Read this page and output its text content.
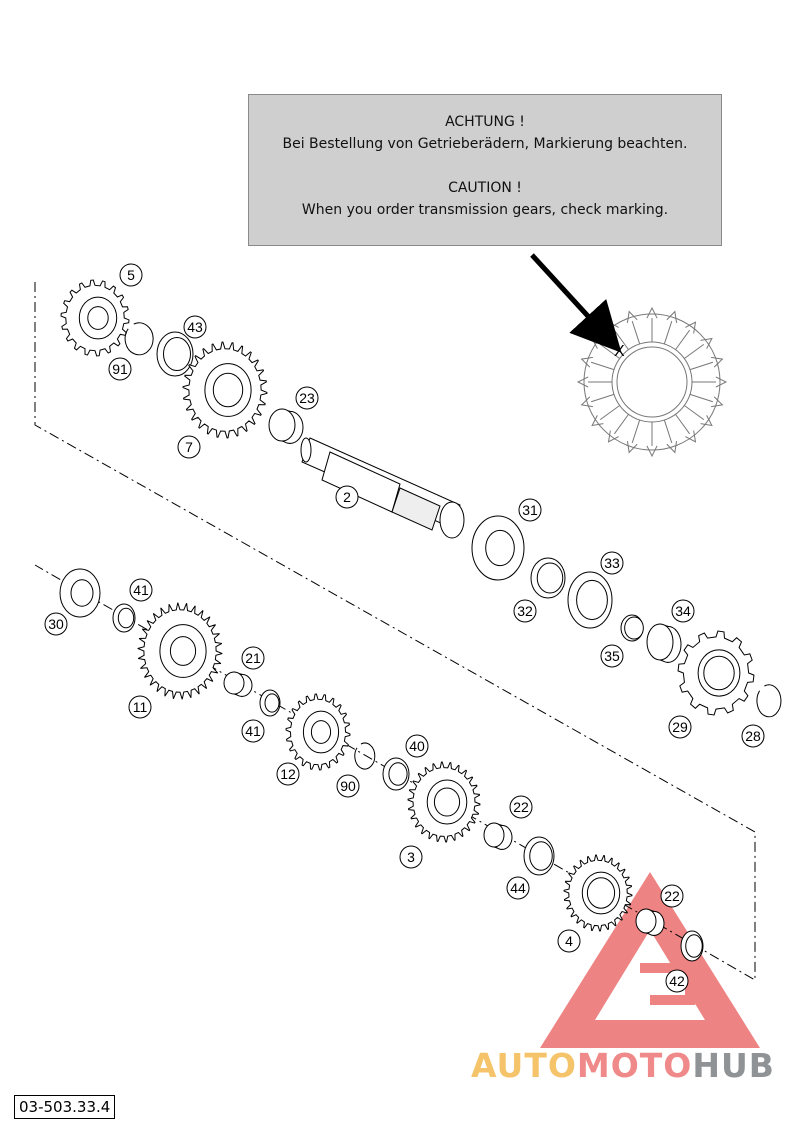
X
5
91
43
7
23
2
31
32
33
35
34
29
28
30
41
11
21
41
12
90
40
3
22
44
4
22
42
ACHTUNG !
Bei Bestellung von Getrieberädern, Markierung beachten.
CAUTION !
When you order transmission gears, check marking.
03-503.33.4
AUTOMOTOHUB
